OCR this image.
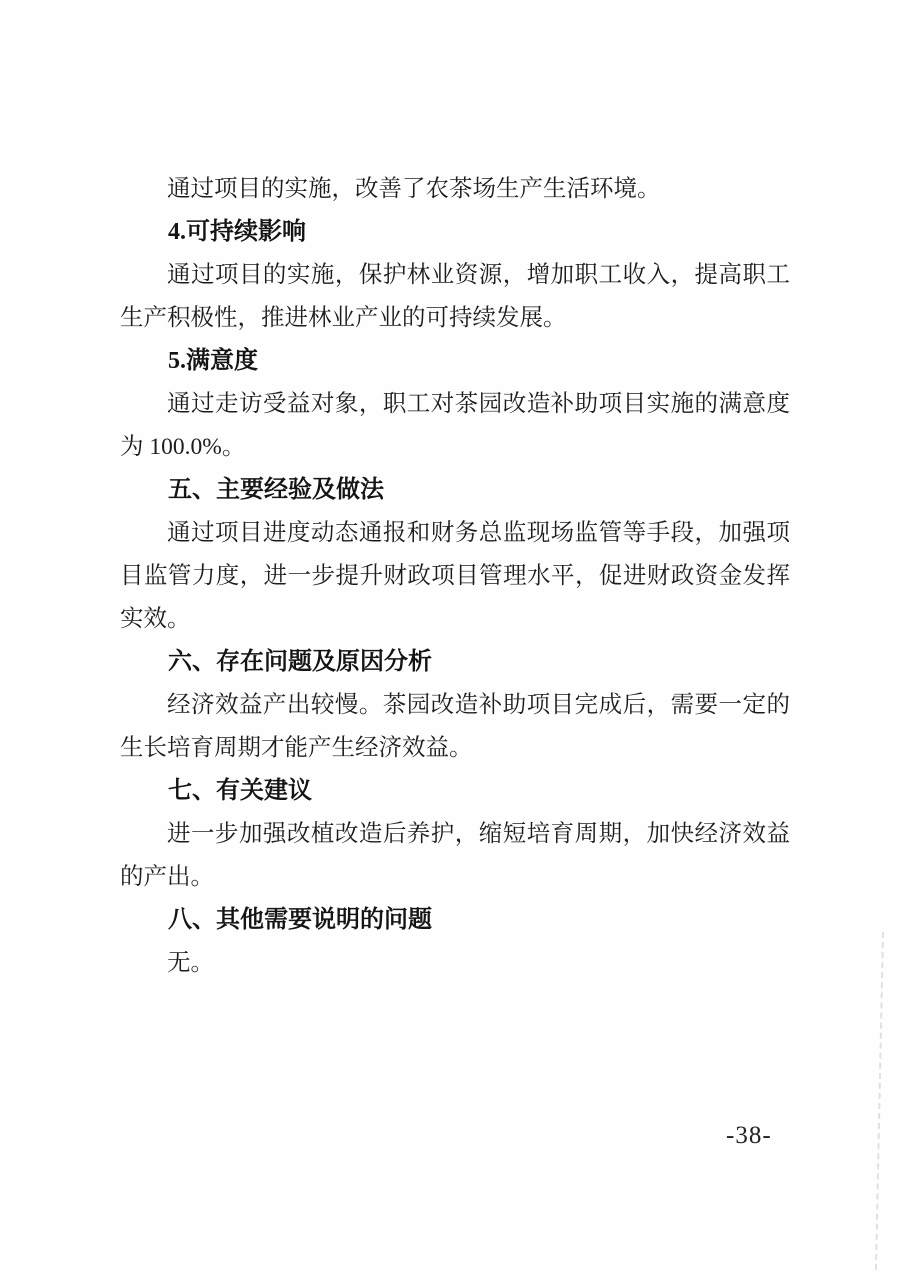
通过项目的实施，改善了农茶场生产生活环境。
4.可持续影响
通过项目的实施，保护林业资源，增加职工收入，提高职工生产积极性，推进林业产业的可持续发展。
5.满意度
通过走访受益对象，职工对茶园改造补助项目实施的满意度为 100.0%。
五、主要经验及做法
通过项目进度动态通报和财务总监现场监管等手段，加强项目监管力度，进一步提升财政项目管理水平，促进财政资金发挥实效。
六、存在问题及原因分析
经济效益产出较慢。茶园改造补助项目完成后，需要一定的生长培育周期才能产生经济效益。
七、有关建议
进一步加强改植改造后养护，缩短培育周期，加快经济效益的产出。
八、其他需要说明的问题
无。
-38-
